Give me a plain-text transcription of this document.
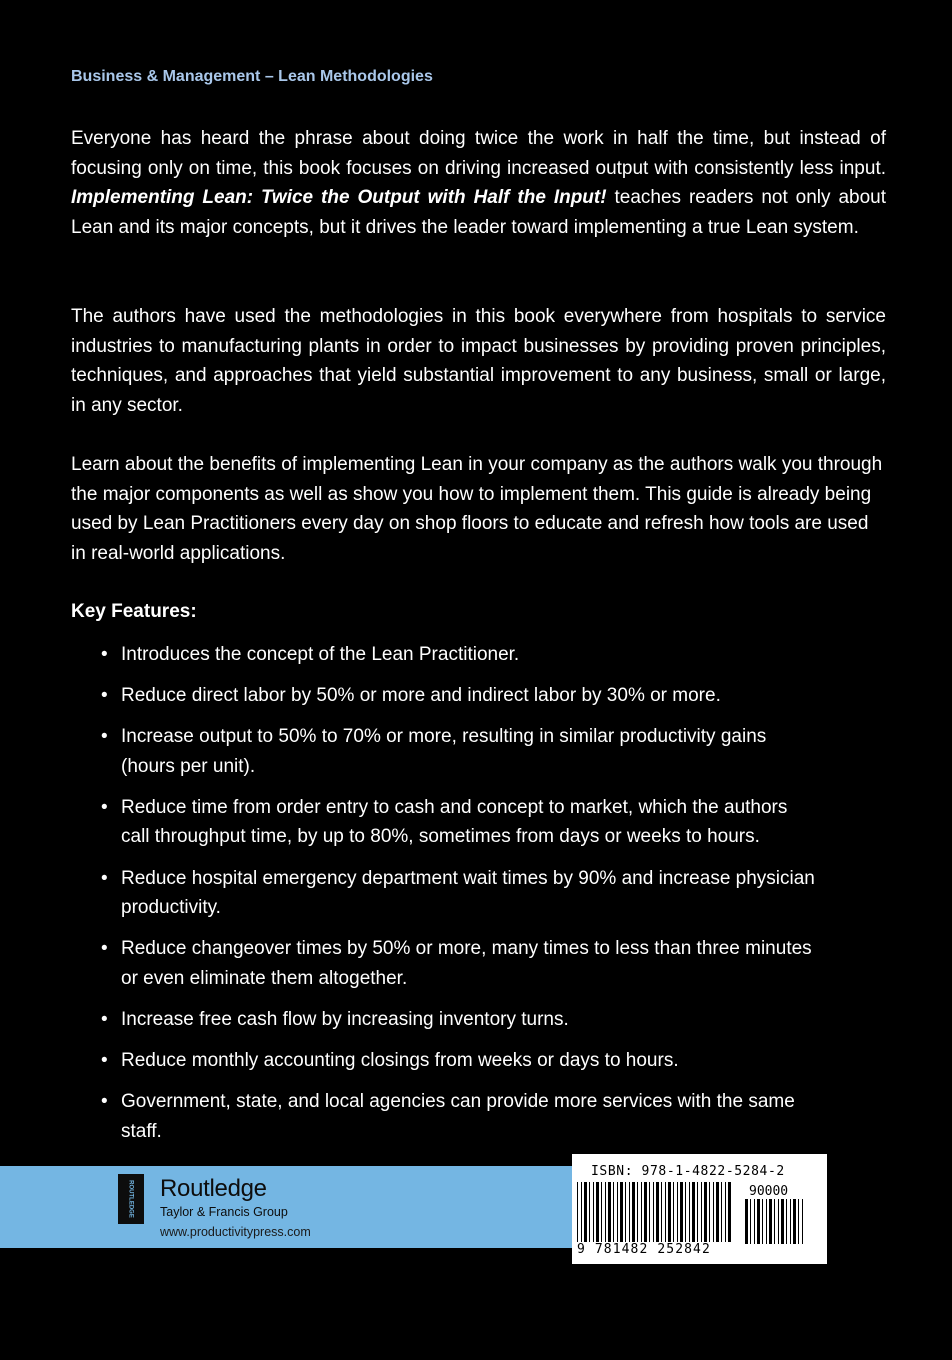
Business & Management – Lean Methodologies

Everyone has heard the phrase about doing twice the work in half the time, but instead of focusing only on time, this book focuses on driving increased output with consistently less input. Implementing Lean: Twice the Output with Half the Input! teaches readers not only about Lean and its major concepts, but it drives the leader toward implementing a true Lean system.

The authors have used the methodologies in this book everywhere from hospitals to service industries to manufacturing plants in order to impact businesses by providing proven principles, techniques, and approaches that yield substantial improvement to any business, small or large, in any sector.

Learn about the benefits of implementing Lean in your company as the authors walk you through the major components as well as show you how to implement them. This guide is already being used by Lean Practitioners every day on shop floors to educate and refresh how tools are used in real-world applications.

Key Features:
• Introduces the concept of the Lean Practitioner.
• Reduce direct labor by 50% or more and indirect labor by 30% or more.
• Increase output to 50% to 70% or more, resulting in similar productivity gains (hours per unit).
• Reduce time from order entry to cash and concept to market, which the authors call throughput time, by up to 80%, sometimes from days or weeks to hours.
• Reduce hospital emergency department wait times by 90% and increase physician productivity.
• Reduce changeover times by 50% or more, many times to less than three minutes or even eliminate them altogether.
• Increase free cash flow by increasing inventory turns.
• Reduce monthly accounting closings from weeks or days to hours.
• Government, state, and local agencies can provide more services with the same staff.
ROUTLEDGE Routledge
Taylor & Francis Group
www.productivitypress.com
ISBN: 978-1-4822-5284-2
90000
9 781482 252842
